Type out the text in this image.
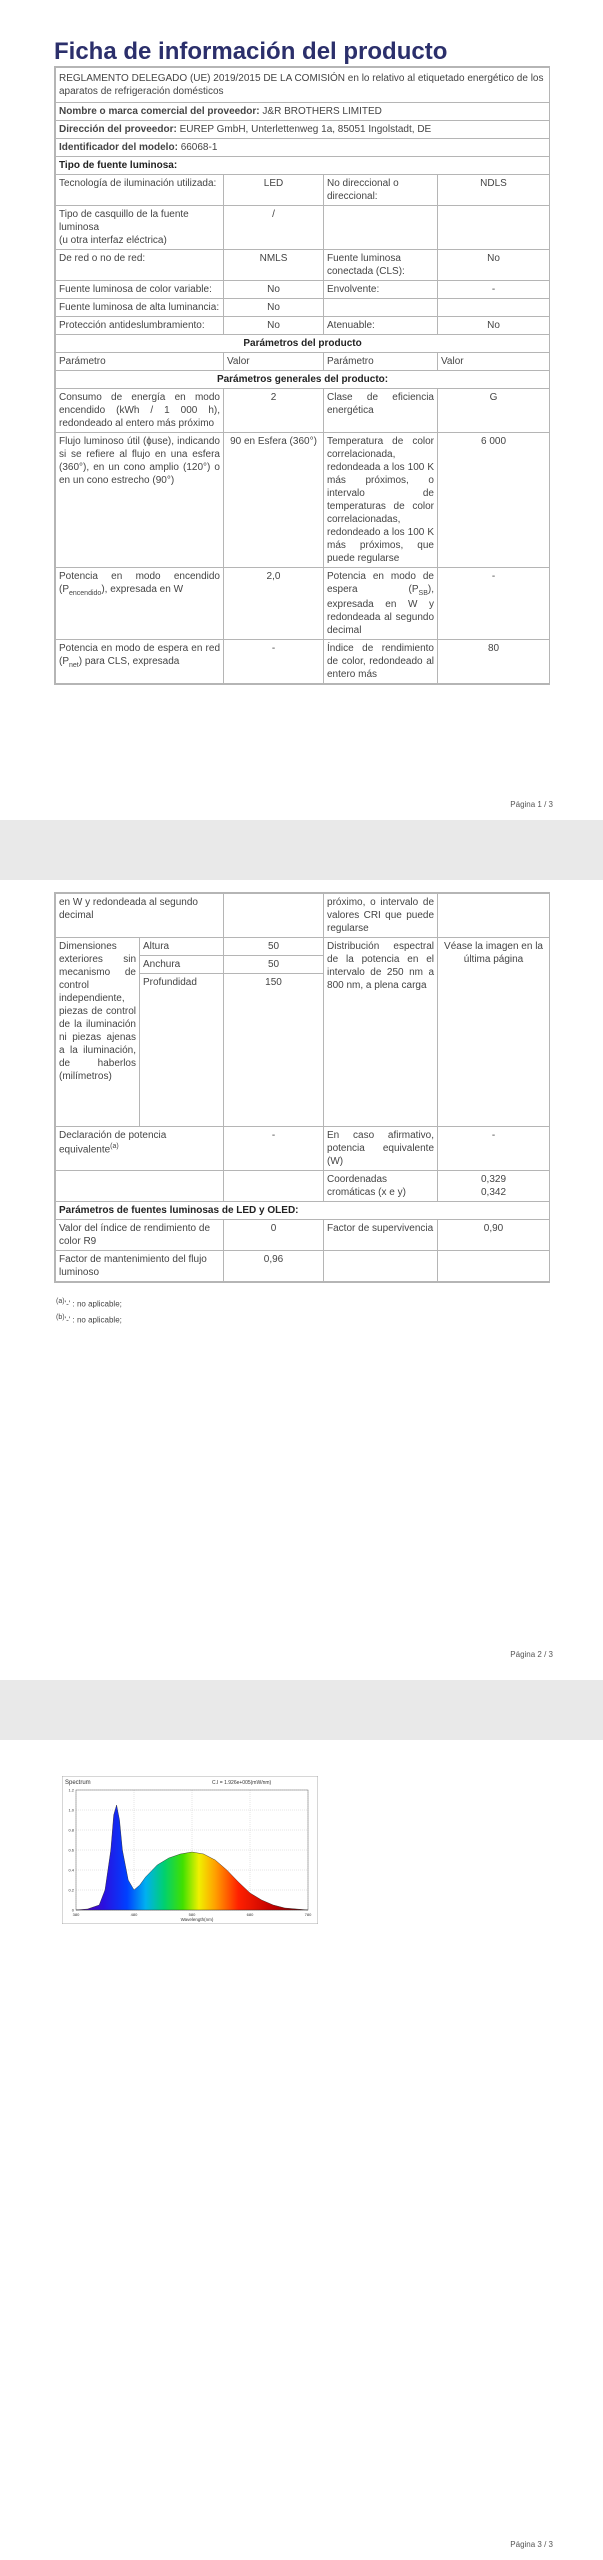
Ficha de información del producto
REGLAMENTO DELEGADO (UE) 2019/2015 DE LA COMISIÓN en lo relativo al etiquetado energético de los aparatos de refrigeración domésticos			
Nombre o marca comercial del proveedor: J&R BROTHERS LIMITED			
Dirección del proveedor: EUREP GmbH, Unterlettenweg 1a, 85051 Ingolstadt, DE			
Identificador del modelo: 66068-1			
Tipo de fuente luminosa:			
Tecnología de iluminación utilizada:	LED	No direccional o direccional:	NDLS
Tipo de casquillo de la fuente luminosa
(u otra interfaz eléctrica)	/		
De red o no de red:	NMLS	Fuente luminosa conectada (CLS):	No
Fuente luminosa de color variable:	No	Envolvente:	-
Fuente luminosa de alta luminancia:	No		
Protección antideslumbramiento:	No	Atenuable:	No
Parámetros del producto			
Parámetro	Valor	Parámetro	Valor
Parámetros generales del producto:			
Consumo de energía en modo encendido (kWh / 1 000 h), redondeado al entero más próximo	2	Clase de eficiencia energética	G
Flujo luminoso útil (ɸuse), indicando si se refiere al flujo en una esfera (360°), en un cono amplio (120°) o en un cono estrecho (90°)	90 en Esfera (360°)	Temperatura de color correlacionada, redondeada a los 100 K más próximos, o intervalo de temperaturas de color correlacionadas, redondeado a los 100 K más próximos, que puede regularse	6 000
Potencia en modo encendido $(P_{encendido})$, expresada en W	2,0	Potencia en modo de espera $(P_{SB})$, expresada en W y redondeada al segundo decimal	-
Potencia en modo de espera en red $(P_{net})$ para CLS, expresada	-	Índice de rendimiento de color, redondeado al entero más	80
Página 1 / 3
en W y redondeada al segundo decimal			próximo, o intervalo de valores CRI que puede regularse	
Dimensiones exteriores sin mecanismo de control independiente, piezas de control de la iluminación ni piezas ajenas a la iluminación, de haberlos (milímetros)	Altura	50	Distribución espectral de la potencia en el intervalo de 250 nm a 800 nm, a plena carga	Véase la imagen en la última página
	Anchura	50		
	Profundidad	150		
Declaración de potencia equivalente$^{(a)}$		-	En caso afirmativo, potencia equivalente (W)	-
			Coordenadas cromáticas (x e y)	0,329
0,342
Parámetros de fuentes luminosas de LED y OLED:				
Valor del índice de rendimiento de color R9		0	Factor de supervivencia	0,90
Factor de mantenimiento del flujo luminoso		0,96		
$^{(a)}$'-' : no aplicable;
$^{(b)}$'-' : no aplicable;
Página 2 / 3
Página 3 / 3
Spectrum	C.I = 1.926e+005(mW/nm)
380	480	580	680	780
0
0.2
0.4
0.6
0.8
1.0
1.2
Wavelength(nm)
